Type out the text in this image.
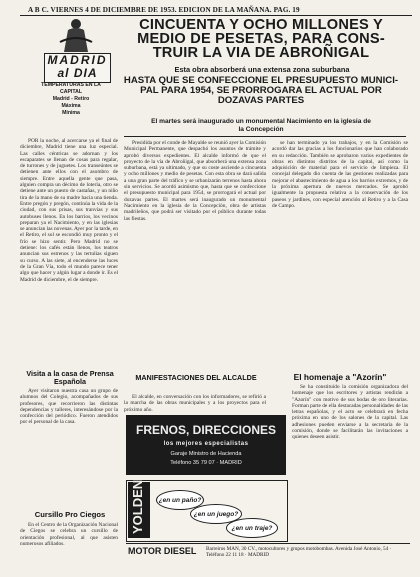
A B C. VIERNES 4 DE DICIEMBRE DE 1953. EDICION DE LA MAÑANA. PAG. 19
MADRID
al DIA
TEMPERATURAS EN LA CAPITAL
Madrid - Retiro
Máxima
Mínima
CINCUENTA Y OCHO MILLONES Y
MEDIO DE PESETAS, PARA CONS-
TRUIR LA VIA DE ABROÑIGAL
Esta obra absorberá una extensa zona suburbana
HASTA QUE SE CONFECCIONE EL PRESUPUESTO MUNICI-
PAL PARA 1954, SE PRORROGARA EL ACTUAL POR
DOZAVAS PARTES
El martes será inaugurado un monumental Nacimiento en la iglesia de
la Concepción

POR la noche, al acercarse ya el final de diciembre, Madrid tiene una luz especial. Las calles céntricas se adornan y los escaparates se llenan de cosas para regalar, de turrones y de juguetes. Los transeúntes se detienen ante ellos con el asombro de siempre. Entre aquella gente que pasa, alguien compra un décimo de lotería, otro se detiene ante un puesto de castañas, y un niño tira de la mano de su madre hacia una tienda. Entre pregón y pregón, continúa la vida de la ciudad, con sus prisas, sus tranvías y sus autobuses llenos. En los barrios, los vecinos preparan ya el Nacimiento, y en las iglesias se anuncian las novenas. Ayer por la tarde, en el Retiro, el sol se escondió muy pronto y el frío se hizo sentir. Pero Madrid no se detiene: los cafés están llenos, los teatros anuncian sus estrenos y las tertulias siguen su curso. A las siete, al encenderse las luces de la Gran Vía, todo el mundo parece tener algo que hacer y algún lugar a donde ir. Es el Madrid de diciembre, el de siempre.

Visita a la casa de Prensa Española

Ayer visitaron nuestra casa un grupo de alumnos del Colegio, acompañados de sus profesores, que recorrieron las distintas dependencias y talleres, interesándose por la confección del periódico. Fueron atendidos por el personal de la casa.

Cursillo Pro Ciegos

En el Centro de la Organización Nacional de Ciegos se celebra un cursillo de orientación profesional, al que asisten numerosos afiliados.

Presidida por el conde de Mayalde se reunió ayer la Comisión Municipal Permanente, que despachó los asuntos de trámite y aprobó diversos expedientes. El alcalde informó de que el proyecto de la vía de Abroñigal, que absorberá una extensa zona suburbana, está ya ultimado, y que su coste asciende a cincuenta y ocho millones y medio de pesetas. Con esta obra se dará salida a una gran parte del tráfico y se urbanizarán terrenos hasta ahora sin servicios. Se acordó asimismo que, hasta que se confeccione el presupuesto municipal para 1954, se prorrogará el actual por dozavas partes. El martes será inaugurado un monumental Nacimiento en la iglesia de la Concepción, obra de artistas madrileños, que podrá ser visitado por el público durante todas las fiestas.

MANIFESTACIONES DEL ALCALDE

El alcalde, en conversación con los informadores, se refirió a la marcha de las obras municipales y a los proyectos para el próximo año.

se han terminado ya los trabajos, y en la Comisión se acordó dar las gracias a los funcionarios que han colaborado en su redacción. También se aprobaron varios expedientes de obras en distintos distritos de la capital, así como la adquisición de material para el servicio de limpieza. El concejal delegado dio cuenta de las gestiones realizadas para mejorar el abastecimiento de agua a los barrios extremos, y de la próxima apertura de nuevos mercados. Se aprobó igualmente la propuesta relativa a la conservación de los paseos y jardines, con especial atención al Retiro y a la Casa de Campo.

El homenaje a "Azorín"

Se ha constituido la comisión organizadora del homenaje que los escritores y artistas rendirán a "Azorín" con motivo de sus bodas de oro literarias. Forman parte de ella destacadas personalidades de las letras españolas, y el acto se celebrará en fecha próxima en uno de los salones de la capital. Las adhesiones pueden enviarse a la secretaría de la comisión, donde se facilitarán las invitaciones a quienes deseen asistir.

FRENOS, DIRECCIONES
los mejores especialistas
Garaje Ministro de Hacienda
Teléfono 35 79 07 · MADRID
YOLDEN	¿en un paño?
¿en un juego?
¿en un traje?
MOTOR DIESEL Barreiros MAN, 30 CV., motocultores y grupos motobombas. Avenida José Antonio, 54 · Teléfono 22 11 18 · MADRID
